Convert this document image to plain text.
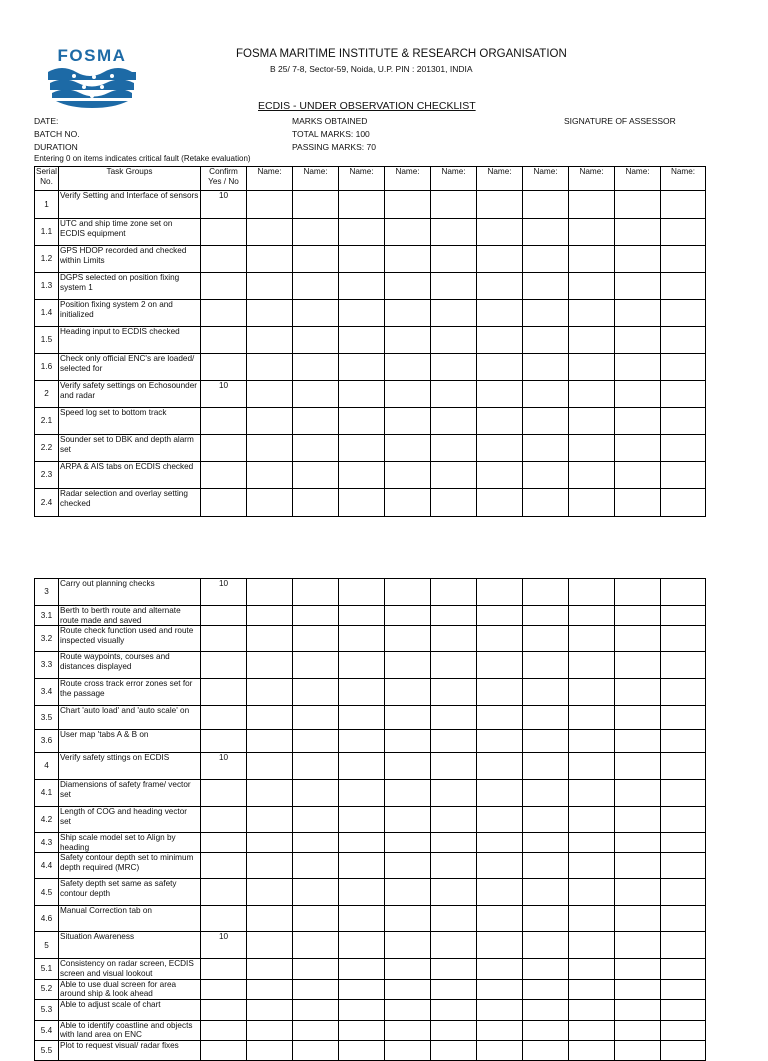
FOSMA	FOSMA MARITIME INSTITUTE & RESEARCH ORGANISATION
B 25/ 7-8, Sector-59, Noida, U.P. PIN : 201301, INDIA
ECDIS - UNDER OBSERVATION CHECKLIST
DATE:
BATCH NO.
DURATION
MARKS OBTAINED
TOTAL MARKS: 100
PASSING MARKS: 70
SIGNATURE OF ASSESSOR
Entering 0 on items indicates critical fault (Retake evaluation)
Serial No.	Task Groups	Confirm Yes / No	Name:	Name:	Name:	Name:	Name:	Name:	Name:	Name:	Name:	Name:
1	Verify Setting and Interface of sensors	10										
1.1	UTC and ship time zone set on ECDIS equipment											
1.2	GPS HDOP recorded and checked within Limits											
1.3	DGPS selected on position fixing system 1											
1.4	Position fixing system 2 on and initialized											
1.5	Heading input to ECDIS checked											
1.6	Check only official ENC's are loaded/ selected for											
2	Verify safety settings on Echosounder and radar	10										
2.1	Speed log set to bottom track											
2.2	Sounder set to DBK and depth alarm set											
2.3	ARPA & AIS tabs on ECDIS checked											
2.4	Radar selection and overlay setting checked											
3	Carry out planning checks	10										
3.1	Berth to berth route and alternate route made and saved											
3.2	Route check function used and route inspected visually											
3.3	Route waypoints, courses and distances displayed											
3.4	Route cross track error zones set for the passage											
3.5	Chart 'auto load' and 'auto scale' on											
3.6	User map 'tabs A & B on											
4	Verify safety sttings on ECDIS	10										
4.1	Diamensions of safety frame/ vector set											
4.2	Length of COG and heading vector set											
4.3	Ship scale model set to Align by heading											
4.4	Safety contour depth set to minimum depth required (MRC)											
4.5	Safety depth set same as safety contour depth											
4.6	Manual Correction tab on											
5	Situation Awareness	10										
5.1	Consistency on radar screen, ECDIS screen and visual lookout											
5.2	Able to use dual screen for area around ship & look ahead											
5.3	Able to adjust scale of chart											
5.4	Able to identify coastline and objects with land area on ENC											
5.5	Plot to request visual/ radar fixes											
